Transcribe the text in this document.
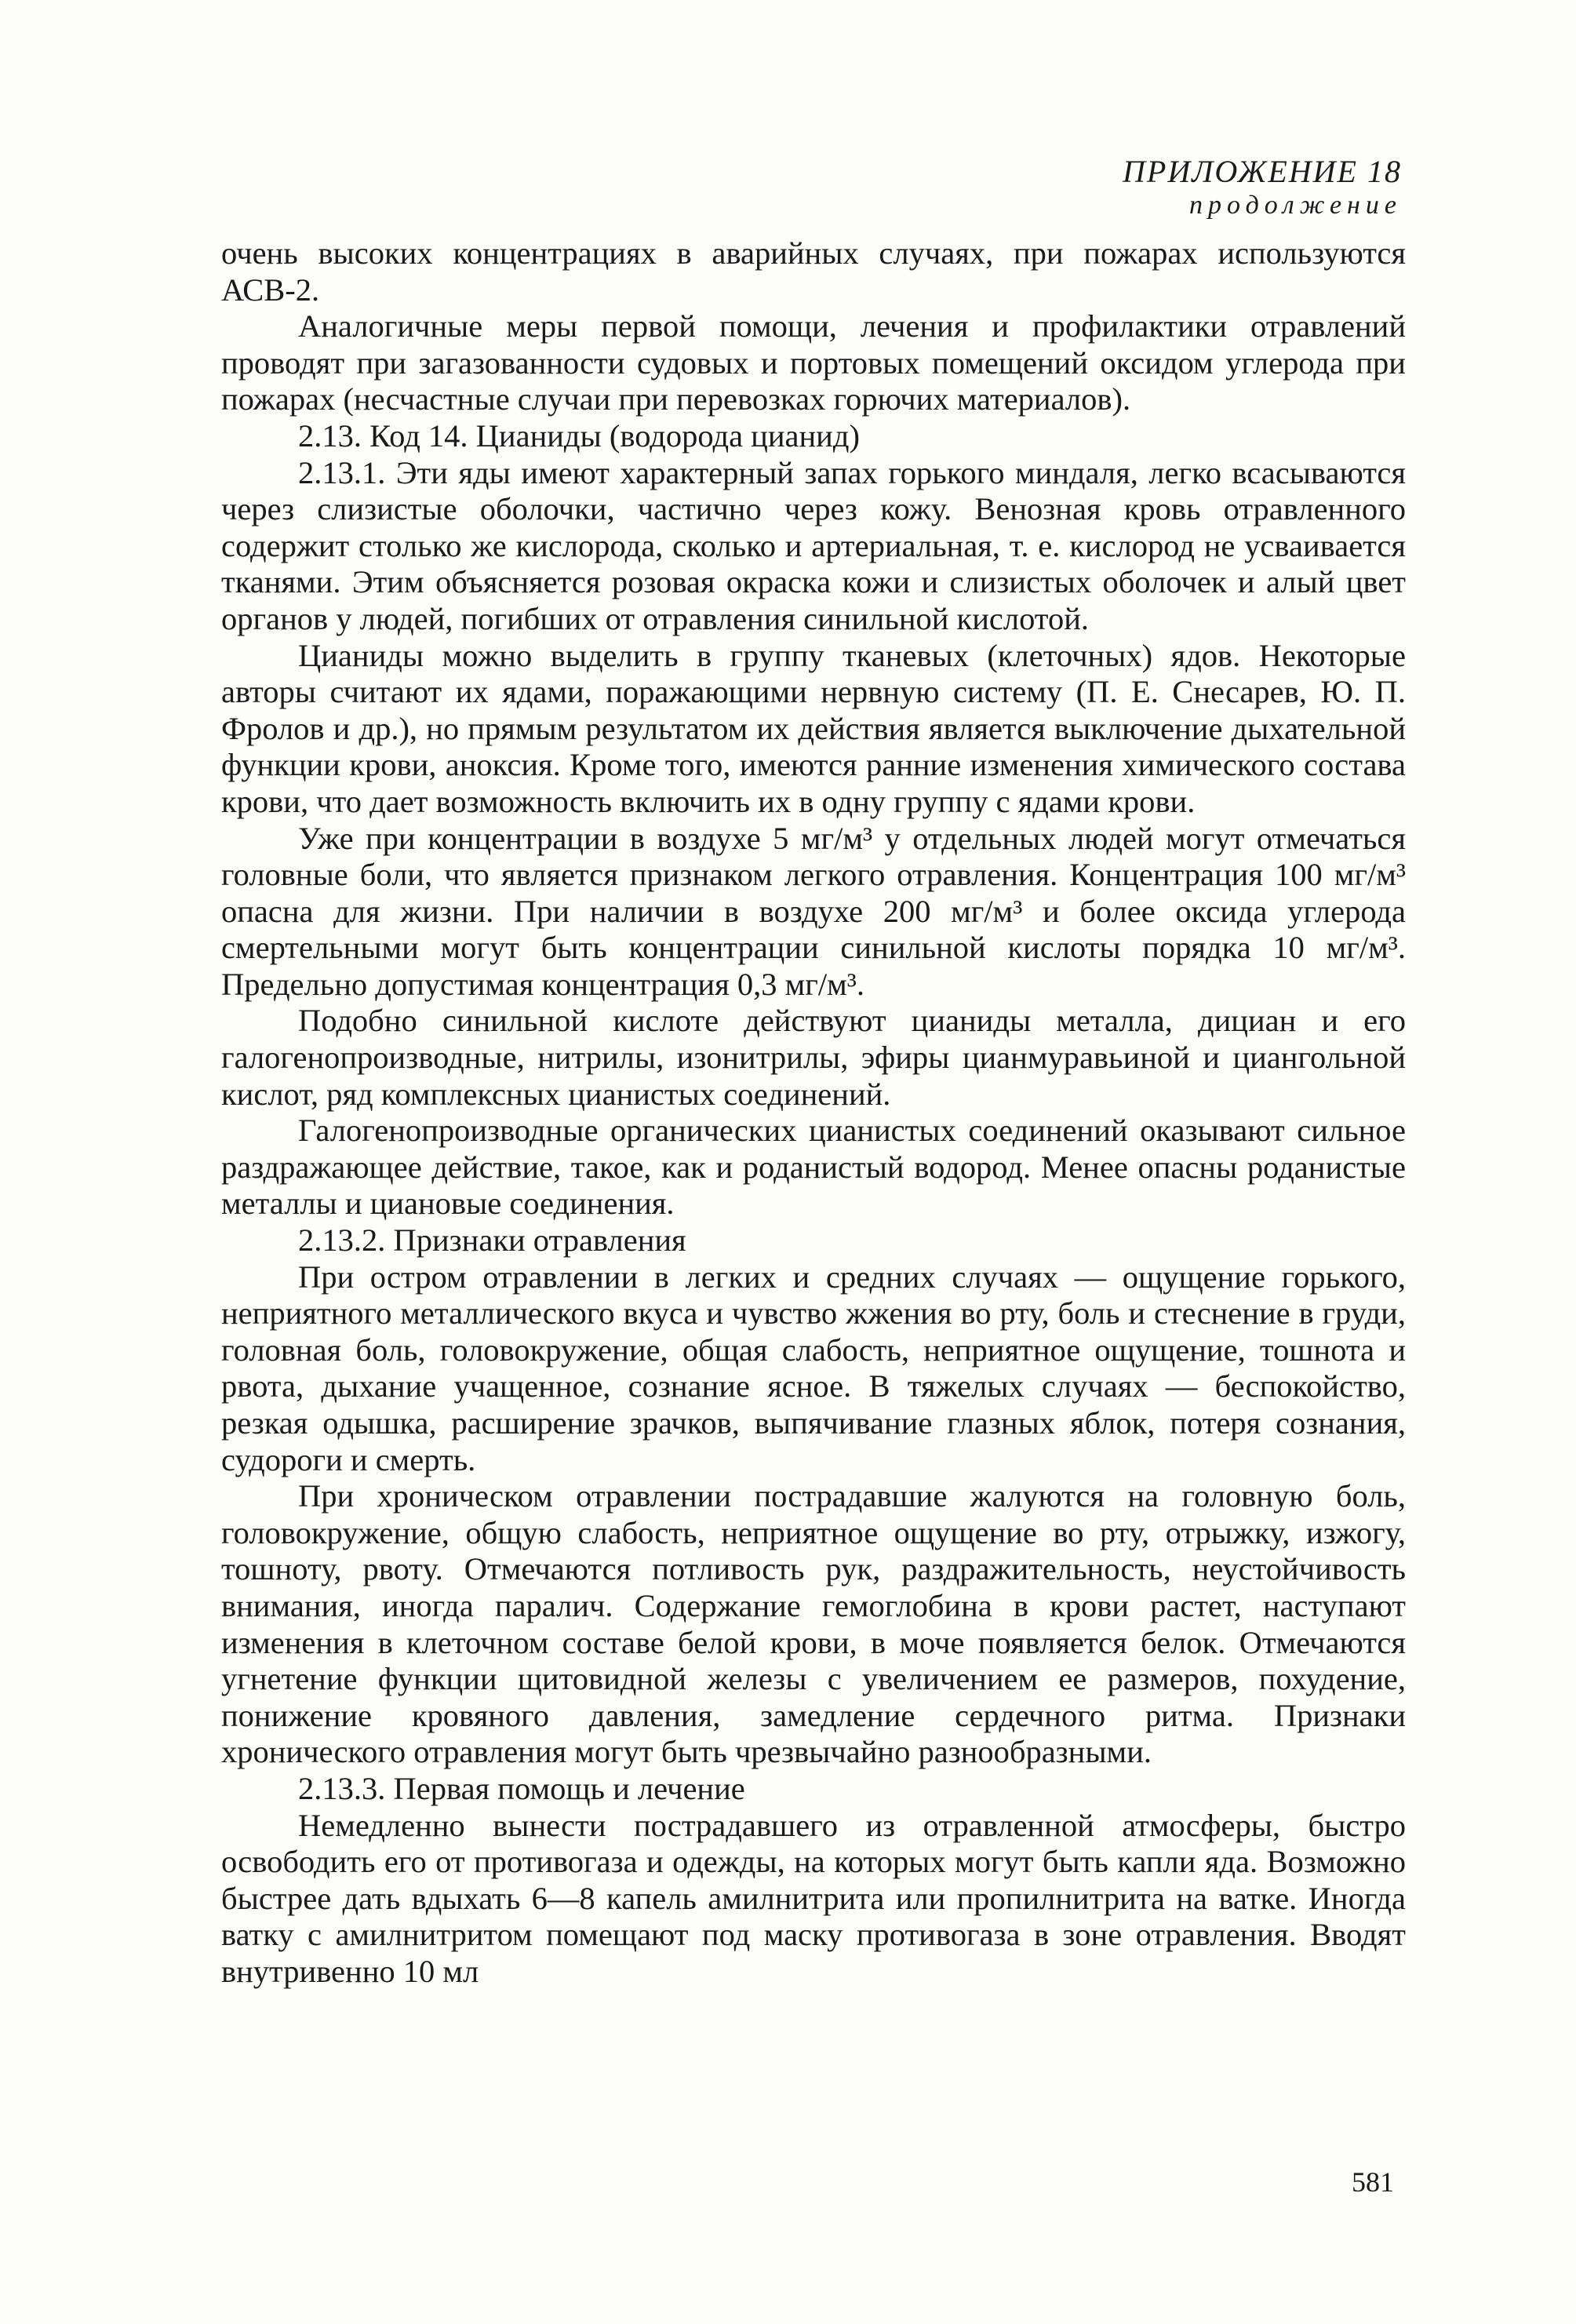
ПРИЛОЖЕНИЕ 18
продолжение

очень высоких концентрациях в аварийных случаях, при пожарах используются АСВ-2.

Аналогичные меры первой помощи, лечения и профилактики отравлений проводят при загазованности судовых и портовых помещений оксидом углерода при пожарах (несчастные случаи при перевозках горючих материалов).

2.13. Код 14. Цианиды (водорода цианид)

2.13.1. Эти яды имеют характерный запах горького миндаля, легко всасываются через слизистые оболочки, частично через кожу. Венозная кровь отравленного содержит столько же кислорода, сколько и артериальная, т. е. кислород не усваивается тканями. Этим объясняется розовая окраска кожи и слизистых оболочек и алый цвет органов у людей, погибших от отравления синильной кислотой.

Цианиды можно выделить в группу тканевых (клеточных) ядов. Некоторые авторы считают их ядами, поражающими нервную систему (П. Е. Снесарев, Ю. П. Фролов и др.), но прямым результатом их действия является выключение дыхательной функции крови, аноксия. Кроме того, имеются ранние изменения химического состава крови, что дает возможность включить их в одну группу с ядами крови.

Уже при концентрации в воздухе 5 мг/м³ у отдельных людей могут отмечаться головные боли, что является признаком легкого отравления. Концентрация 100 мг/м³ опасна для жизни. При наличии в воздухе 200 мг/м³ и более оксида углерода смертельными могут быть концентрации синильной кислоты порядка 10 мг/м³. Предельно допустимая концентрация 0,3 мг/м³.

Подобно синильной кислоте действуют цианиды металла, дициан и его галогенопроизводные, нитрилы, изонитрилы, эфиры цианмуравьиной и циангольной кислот, ряд комплексных цианистых соединений.

Галогенопроизводные органических цианистых соединений оказывают сильное раздражающее действие, такое, как и роданистый водород. Менее опасны роданистые металлы и циановые соединения.

2.13.2. Признаки отравления

При остром отравлении в легких и средних случаях — ощущение горького, неприятного металлического вкуса и чувство жжения во рту, боль и стеснение в груди, головная боль, головокружение, общая слабость, неприятное ощущение, тошнота и рвота, дыхание учащенное, сознание ясное. В тяжелых случаях — беспокойство, резкая одышка, расширение зрачков, выпячивание глазных яблок, потеря сознания, судороги и смерть.

При хроническом отравлении пострадавшие жалуются на головную боль, головокружение, общую слабость, неприятное ощущение во рту, отрыжку, изжогу, тошноту, рвоту. Отмечаются потливость рук, раздражительность, неустойчивость внимания, иногда паралич. Содержание гемоглобина в крови растет, наступают изменения в клеточном составе белой крови, в моче появляется белок. Отмечаются угнетение функции щитовидной железы с увеличением ее размеров, похудение, понижение кровяного давления, замедление сердечного ритма. Признаки хронического отравления могут быть чрезвычайно разнообразными.

2.13.3. Первая помощь и лечение

Немедленно вынести пострадавшего из отравленной атмосферы, быстро освободить его от противогаза и одежды, на которых могут быть капли яда. Возможно быстрее дать вдыхать 6—8 капель амилнитрита или пропилнитрита на ватке. Иногда ватку с амилнитритом помещают под маску противогаза в зоне отравления. Вводят внутривенно 10 мл

581
